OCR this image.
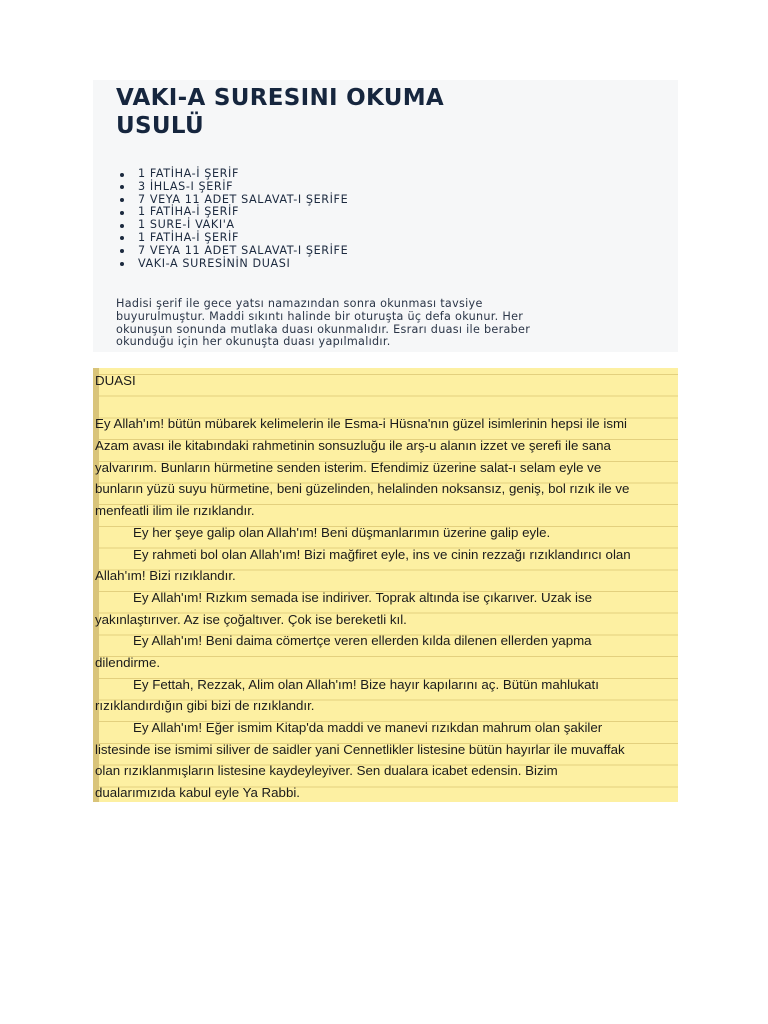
VAKI-A SURESINI OKUMA
USULÜ
1 FATİHA-İ ŞERİF
3 İHLAS-I ŞERİF
7 VEYA 11 ADET SALAVAT-I ŞERİFE
1 FATİHA-İ ŞERİF
1 SURE-İ VAKI'A
1 FATİHA-İ ŞERİF
7 VEYA 11 ADET SALAVAT-I ŞERİFE
VAKI-A SURESİNİN DUASI

Hadisi şerif ile gece yatsı namazından sonra okunması tavsiye
buyurulmuştur. Maddi sıkıntı halinde bir oturuşta üç defa okunur. Her
okunuşun sonunda mutlaka duası okunmalıdır. Esrarı duası ile beraber
okunduğu için her okunuşta duası yapılmalıdır.

DUASI
Ey Allah'ım! bütün mübarek kelimelerin ile Esma-i Hüsna'nın güzel isimlerinin hepsi ile ismi
Azam avası ile kitabındaki rahmetinin sonsuzluğu ile arş-u alanın izzet ve şerefi ile sana
yalvarırım. Bunların hürmetine senden isterim. Efendimiz üzerine salat-ı selam eyle ve
bunların yüzü suyu hürmetine, beni güzelinden, helalinden noksansız, geniş, bol rızık ile ve
menfeatli ilim ile rızıklandır.
Ey her şeye galip olan Allah'ım! Beni düşmanlarımın üzerine galip eyle.
Ey rahmeti bol olan Allah'ım! Bizi mağfiret eyle, ins ve cinin rezzağı rızıklandırıcı olan
Allah'ım! Bizi rızıklandır.
Ey Allah'ım! Rızkım semada ise indiriver. Toprak altında ise çıkarıver. Uzak ise
yakınlaştırıver. Az ise çoğaltıver. Çok ise bereketli kıl.
Ey Allah'ım! Beni daima cömertçe veren ellerden kılda dilenen ellerden yapma
dilendirme.
Ey Fettah, Rezzak, Alim olan Allah'ım! Bize hayır kapılarını aç. Bütün mahlukatı
rızıklandırdığın gibi bizi de rızıklandır.
Ey Allah'ım! Eğer ismim Kitap'da maddi ve manevi rızıkdan mahrum olan şakiler
listesinde ise ismimi siliver de saidler yani Cennetlikler listesine bütün hayırlar ile muvaffak
olan rızıklanmışların listesine kaydeyleyiver. Sen dualara icabet edensin. Bizim
dualarımızıda kabul eyle Ya Rabbi.
